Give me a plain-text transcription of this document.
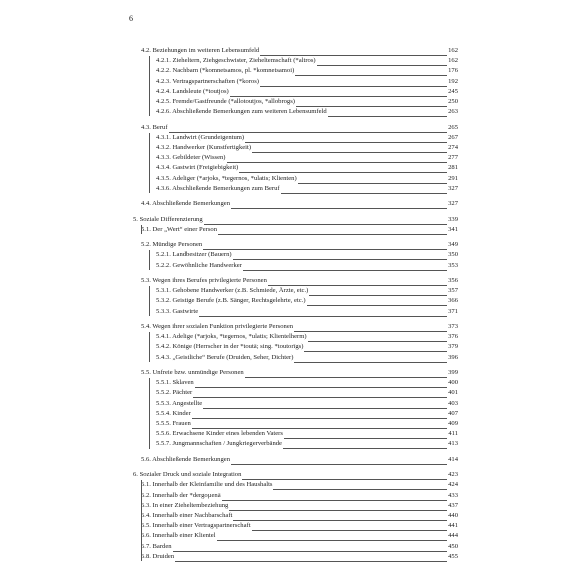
6
4.2. Beziehungen im weiteren Lebensumfeld	162
4.2.1. Zieheltern, Ziehgeschwister, Zieheltemschaft (*altros)	162
4.2.2. Nachbarn (*komnetsamos, pl. *komnetsamoi)	176
4.2.3. Vertragspartnerschaften (*koros)	192
4.2.4. Landsleute (*toutjos)	245
4.2.5. Fremde/Gastfreunde (*allotoutjos, *allobrogs)	250
4.2.6. Abschließende Bemerkungen zum weiteren Lebensumfeld	263
4.3. Beruf	265
4.3.1. Landwirt (Grundeigentum)	267
4.3.2. Handwerker (Kunstfertigkeit)	274
4.3.3. Gebildeter (Wissen)	277
4.3.4. Gastwirt (Freigiebigkeit)	281
4.3.5. Adeliger (*arjoks, *tegernos, *ulatis; Klienten)	291
4.3.6. Abschließende Bemerkungen zum Beruf	327
4.4. Abschließende Bemerkungen	327
5. Soziale Differenzierung	339
5.1. Der „Wert“ einer Person	341
5.2. Mündige Personen	349
5.2.1. Landbesitzer (Bauern)	350
5.2.2. Gewöhnliche Handwerker	353
5.3. Wegen ihres Berufes privilegierte Personen	356
5.3.1. Gehobene Handwerker (z.B. Schmiede, Ärzte, etc.)	357
5.3.2. Geistige Berufe (z.B. Sänger, Rechtsgelehrte, etc.)	366
5.3.3. Gastwirte	371
5.4. Wegen ihrer sozialen Funktion privilegierte Personen	373
5.4.1. Adelige (*arjoks, *tegernos, *ulatis; Klientelherm)	376
5.4.2. Könige (Herrscher in der *toutā; sing. *toutorīgs)	379
5.4.3. „Geistliche“ Berufe (Druiden, Seher, Dichter)	396
5.5. Unfreie bzw. unmündige Personen	399
5.5.1. Sklaven	400
5.5.2. Pächter	401
5.5.3. Angestellte	403
5.5.4. Kinder	407
5.5.5. Frauen	409
5.5.6. Erwachsene Kinder eines lebenden Vaters	411
5.5.7. Jungmannschaften / Jungkriegerverbände	413
5.6. Abschließende Bemerkungen	414
6. Sozialer Druck und soziale Integration	423
6.1. Innerhalb der Kleinfamilie und des Haushalts	424
6.2. Innerhalb der *dergoµenā	433
6.3. In einer Zieheltembeziehung	437
6.4. Innerhalb einer Nachbarschaft	440
6.5. Innerhalb einer Vertragspartnerschaft	441
6.6. Innerhalb einer Klientel	444
6.7. Barden	450
6.8. Druiden	455
